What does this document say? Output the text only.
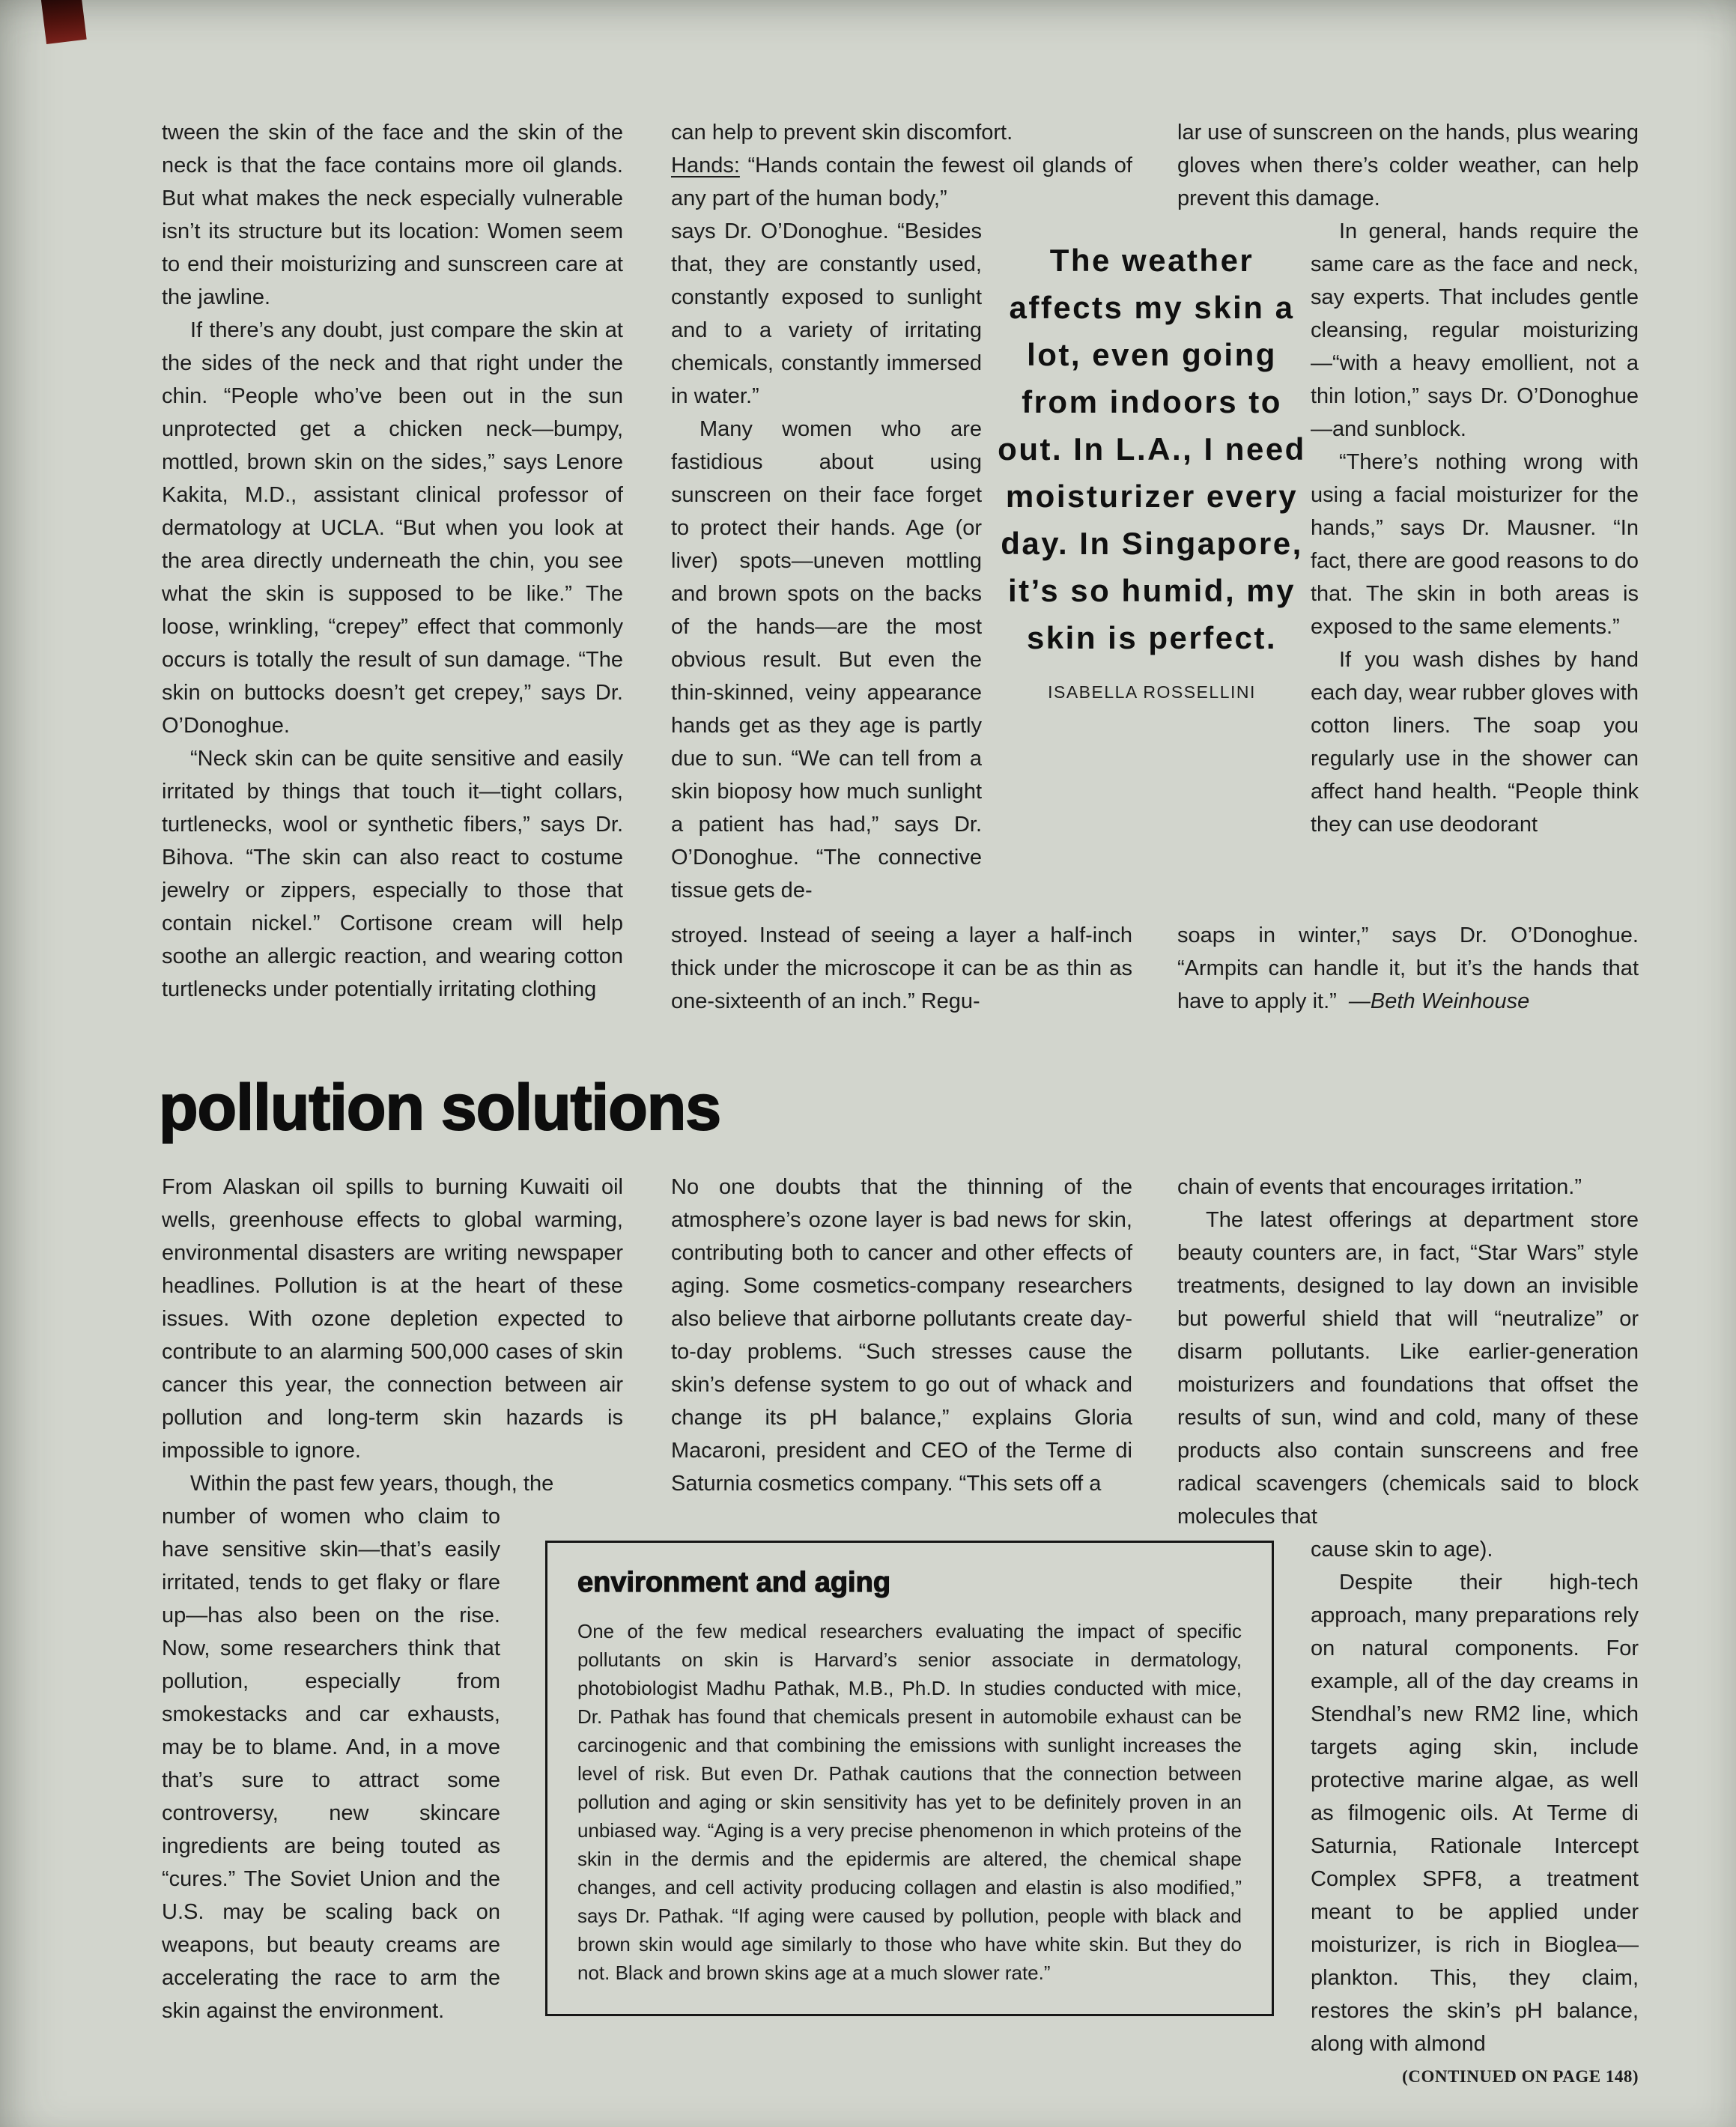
tween the skin of the face and the skin of the neck is that the face contains more oil glands. But what makes the neck especially vulnerable isn’t its structure but its location: Women seem to end their moisturizing and sunscreen care at the jawline.

If there’s any doubt, just compare the skin at the sides of the neck and that right under the chin. “People who’ve been out in the sun unprotected get a chicken neck—bumpy, mottled, brown skin on the sides,” says Lenore Kakita, M.D., assistant clinical professor of dermatology at UCLA. “But when you look at the area directly underneath the chin, you see what the skin is supposed to be like.” The loose, wrinkling, “crepey” effect that commonly occurs is totally the result of sun damage. “The skin on buttocks doesn’t get crepey,” says Dr. O’Donoghue.

“Neck skin can be quite sensitive and easily irritated by things that touch it—tight collars, turtlenecks, wool or synthetic fibers,” says Dr. Bihova. “The skin can also react to costume jewelry or zippers, especially to those that contain nickel.” Cortisone cream will help soothe an allergic reaction, and wearing cotton turtlenecks under potentially irritating clothing

can help to prevent skin discomfort.

Hands: “Hands contain the fewest oil glands of any part of the human body,”

says Dr. O’Donoghue. “Besides that, they are constantly used, constantly exposed to sunlight and to a variety of irritating chemicals, constantly immersed in water.”

Many women who are fastidious about using sunscreen on their face forget to protect their hands. Age (or liver) spots—uneven mottling and brown spots on the backs of the hands—are the most obvious result. But even the thin-skinned, veiny appearance hands get as they age is partly due to sun. “We can tell from a skin bioposy how much sunlight a patient has had,” says Dr. O’Donoghue. “The connective tissue gets de-

stroyed. Instead of seeing a layer a half-inch thick under the microscope it can be as thin as one-sixteenth of an inch.” Regu-

The weather affects my skin a lot, even going from indoors to out. In L.A., I need moisturizer every day. In Singapore, it’s so humid, my skin is perfect.

ISABELLA ROSSELLINI

lar use of sunscreen on the hands, plus wearing gloves when there’s colder weather, can help prevent this damage.

In general, hands require the same care as the face and neck, say experts. That includes gentle cleansing, regular moisturizing—“with a heavy emollient, not a thin lotion,” says Dr. O’Donoghue—and sunblock.

“There’s nothing wrong with using a facial moisturizer for the hands,” says Dr. Mausner. “In fact, there are good reasons to do that. The skin in both areas is exposed to the same elements.”

If you wash dishes by hand each day, wear rubber gloves with cotton liners. The soap you regularly use in the shower can affect hand health. “People think they can use deodorant

soaps in winter,” says Dr. O’Donoghue. “Armpits can handle it, but it’s the hands that have to apply it.” —Beth Weinhouse

pollution solutions

From Alaskan oil spills to burning Kuwaiti oil wells, greenhouse effects to global warming, environmental disasters are writing newspaper headlines. Pollution is at the heart of these issues. With ozone depletion expected to contribute to an alarming 500,000 cases of skin cancer this year, the connection between air pollution and long-term skin hazards is impossible to ignore.

Within the past few years, though, the

number of women who claim to have sensitive skin—that’s easily irritated, tends to get flaky or flare up—has also been on the rise. Now, some researchers think that pollution, especially from smokestacks and car exhausts, may be to blame. And, in a move that’s sure to attract some controversy, new skincare ingredients are being touted as “cures.” The Soviet Union and the U.S. may be scaling back on weapons, but beauty creams are accelerating the race to arm the skin against the environment.

No one doubts that the thinning of the atmosphere’s ozone layer is bad news for skin, contributing both to cancer and other effects of aging. Some cosmetics-company researchers also believe that airborne pollutants create day-to-day problems. “Such stresses cause the skin’s defense system to go out of whack and change its pH balance,” explains Gloria Macaroni, president and CEO of the Terme di Saturnia cosmetics company. “This sets off a

chain of events that encourages irritation.”

The latest offerings at department store beauty counters are, in fact, “Star Wars” style treatments, designed to lay down an invisible but powerful shield that will “neutralize” or disarm pollutants. Like earlier-generation moisturizers and foundations that offset the results of sun, wind and cold, many of these products also contain sunscreens and free radical scavengers (chemicals said to block molecules that

cause skin to age).

Despite their high-tech approach, many preparations rely on natural components. For example, all of the day creams in Stendhal’s new RM2 line, which targets aging skin, include protective marine algae, as well as filmogenic oils. At Terme di Saturnia, Rationale Intercept Complex SPF8, a treatment meant to be applied under moisturizer, is rich in Bioglea—plankton. This, they claim, restores the skin’s pH balance, along with almond

(CONTINUED ON PAGE 148)

environment and aging

One of the few medical researchers evaluating the impact of specific pollutants on skin is Harvard’s senior associate in dermatology, photobiologist Madhu Pathak, M.B., Ph.D. In studies conducted with mice, Dr. Pathak has found that chemicals present in automobile exhaust can be carcinogenic and that combining the emissions with sunlight increases the level of risk. But even Dr. Pathak cautions that the connection between pollution and aging or skin sensitivity has yet to be definitely proven in an unbiased way. “Aging is a very precise phenomenon in which proteins of the skin in the dermis and the epidermis are altered, the chemical shape changes, and cell activity producing collagen and elastin is also modified,” says Dr. Pathak. “If aging were caused by pollution, people with black and brown skin would age similarly to those who have white skin. But they do not. Black and brown skins age at a much slower rate.”
